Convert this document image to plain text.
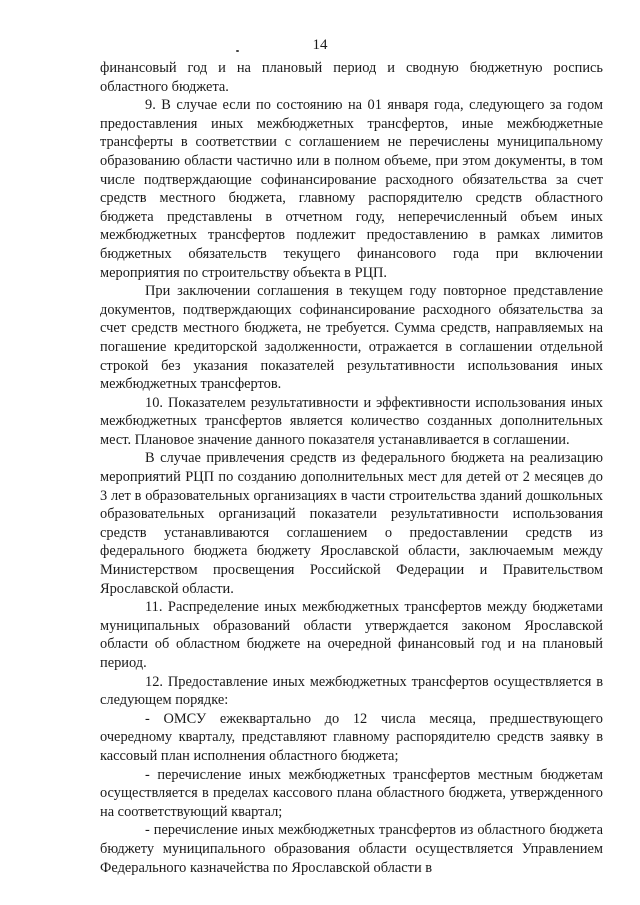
14

финансовый год и на плановый период и сводную бюджетную роспись областного бюджета.

9. В случае если по состоянию на 01 января года, следующего за годом предоставления иных межбюджетных трансфертов, иные межбюджетные трансферты в соответствии с соглашением не перечислены муниципальному образованию области частично или в полном объеме, при этом документы, в том числе подтверждающие софинансирование расходного обязательства за счет средств местного бюджета, главному распорядителю средств областного бюджета представлены в отчетном году, неперечисленный объем иных межбюджетных трансфертов подлежит предоставлению в рамках лимитов бюджетных обязательств текущего финансового года при включении мероприятия по строительству объекта в РЦП.

При заключении соглашения в текущем году повторное представление документов, подтверждающих софинансирование расходного обязательства за счет средств местного бюджета, не требуется. Сумма средств, направляемых на погашение кредиторской задолженности, отражается в соглашении отдельной строкой без указания показателей результативности использования иных межбюджетных трансфертов.

10. Показателем результативности и эффективности использования иных межбюджетных трансфертов является количество созданных дополнительных мест. Плановое значение данного показателя устанавливается в соглашении.

В случае привлечения средств из федерального бюджета на реализацию мероприятий РЦП по созданию дополнительных мест для детей от 2 месяцев до 3 лет в образовательных организациях в части строительства зданий дошкольных образовательных организаций показатели результативности использования средств устанавливаются соглашением о предоставлении средств из федерального бюджета бюджету Ярославской области, заключаемым между Министерством просвещения Российской Федерации и Правительством Ярославской области.

11. Распределение иных межбюджетных трансфертов между бюджетами муниципальных образований области утверждается законом Ярославской области об областном бюджете на очередной финансовый год и на плановый период.

12. Предоставление иных межбюджетных трансфертов осуществляется в следующем порядке:

- ОМСУ ежеквартально до 12 числа месяца, предшествующего очередному кварталу, представляют главному распорядителю средств заявку в кассовый план исполнения областного бюджета;

- перечисление иных межбюджетных трансфертов местным бюджетам осуществляется в пределах кассового плана областного бюджета, утвержденного на соответствующий квартал;

- перечисление иных межбюджетных трансфертов из областного бюджета бюджету муниципального образования области осуществляется Управлением Федерального казначейства по Ярославской области в
